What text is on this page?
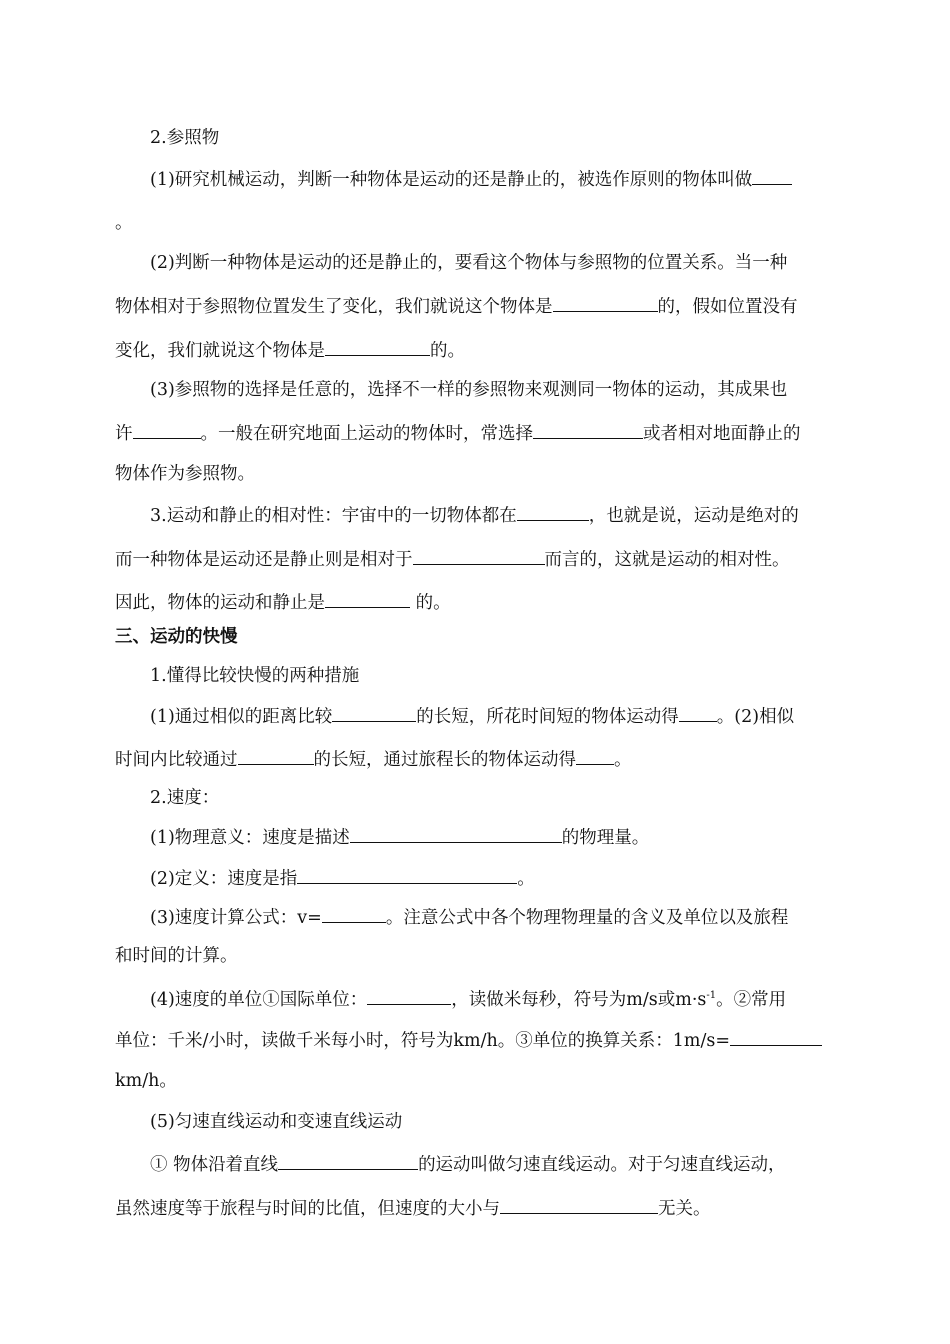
2.参照物
(1)研究机械运动，判断一种物体是运动的还是静止的，被选作原则的物体叫做
。
(2)判断一种物体是运动的还是静止的，要看这个物体与参照物的位置关系。当一种
物体相对于参照物位置发生了变化，我们就说这个物体是	的，假如位置没有
变化，我们就说这个物体是	的。
(3)参照物的选择是任意的，选择不一样的参照物来观测同一物体的运动，其成果也
许	。一般在研究地面上运动的物体时，常选择	或者相对地面静止的
物体作为参照物。
3.运动和静止的相对性：宇宙中的一切物体都在	，也就是说，运动是绝对的
而一种物体是运动还是静止则是相对于	而言的，这就是运动的相对性。
因此，物体的运动和静止是	的。
三、运动的快慢
1.懂得比较快慢的两种措施
(1)通过相似的距离比较	的长短，所花时间短的物体运动得 。(2)相似
时间内比较通过	的长短，通过旅程长的物体运动得 。
2.速度：
(1)物理意义：速度是描述	的物理量。
(2)定义：速度是指	。
(3)速度计算公式：v=	。注意公式中各个物理物理量的含义及单位以及旅程
和时间的计算。
(4)速度的单位①国际单位：	，读做米每秒，符号为m/s或$m\cdot s^{-1}$。②常用
单位：千米/小时，读做千米每小时，符号为km/h。③单位的换算关系：1m/s=
km/h。
(5)匀速直线运动和变速直线运动
① 物体沿着直线	的运动叫做匀速直线运动。对于匀速直线运动，
虽然速度等于旅程与时间的比值，但速度的大小与	无关。
